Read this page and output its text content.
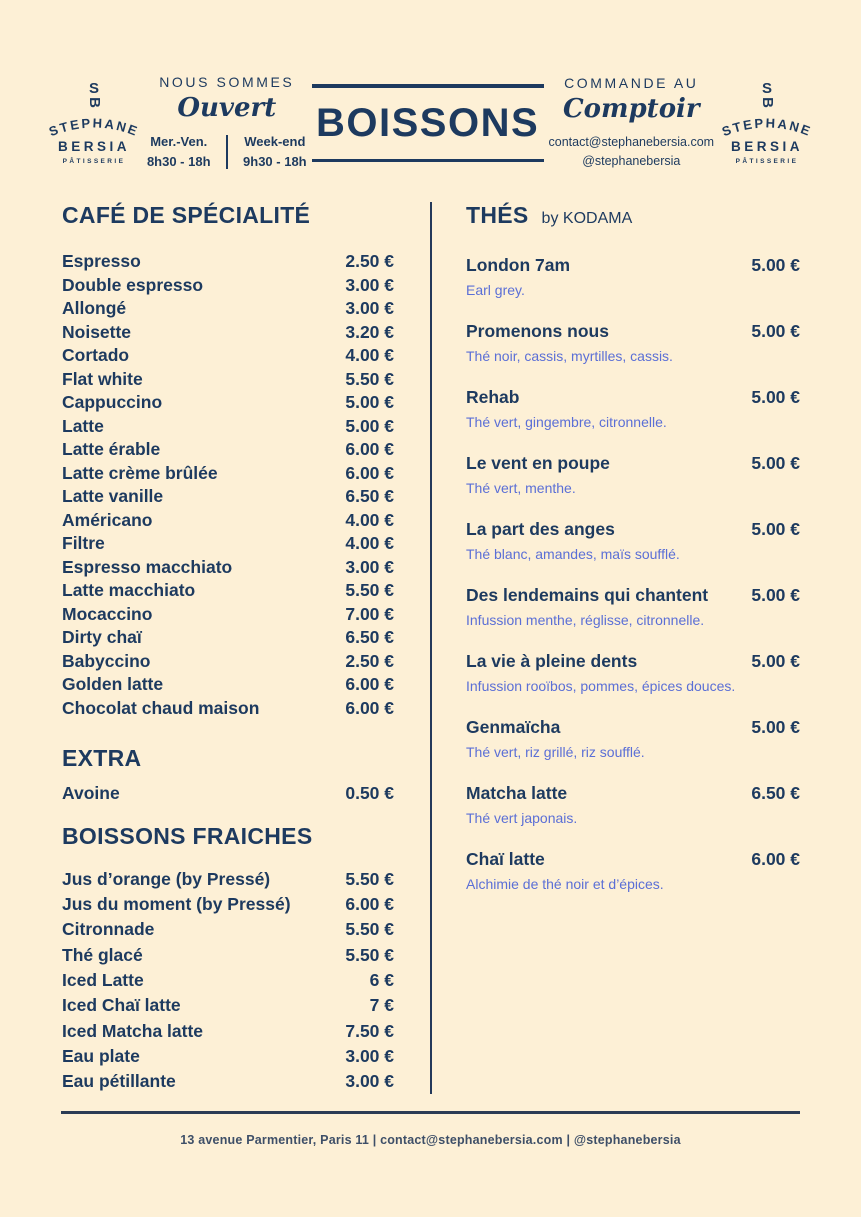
S
B
STEPHANE
BERSIA
PÂTISSERIE
NOUS SOMMES
Ouvert
Mer.-Ven.
8h30 - 18h
Week-end
9h30 - 18h
BOISSONS
COMMANDE AU
Comptoir
contact@stephanebersia.com
@stephanebersia
S
B
STEPHANE
BERSIA
PÂTISSERIE
CAFÉ DE SPÉCIALITÉ
Espresso	2.50 €
Double espresso	3.00 €
Allongé	3.00 €
Noisette	3.20 €
Cortado	4.00 €
Flat white	5.50 €
Cappuccino	5.00 €
Latte	5.00 €
Latte érable	6.00 €
Latte crème brûlée	6.00 €
Latte vanille	6.50 €
Américano	4.00 €
Filtre	4.00 €
Espresso macchiato	3.00 €
Latte macchiato	5.50 €
Mocaccino	7.00 €
Dirty chaï	6.50 €
Babyccino	2.50 €
Golden latte	6.00 €
Chocolat chaud maison	6.00 €
EXTRA
Avoine	0.50 €
BOISSONS FRAICHES
Jus d’orange (by Pressé)	5.50 €
Jus du moment (by Pressé)	6.00 €
Citronnade	5.50 €
Thé glacé	5.50 €
Iced Latte	6 €
Iced Chaï latte	7 €
Iced Matcha latte	7.50 €
Eau plate	3.00 €
Eau pétillante	3.00 €
THÉS by KODAMA
London 7am	5.00 €
Earl grey.
Promenons nous	5.00 €
Thé noir, cassis, myrtilles, cassis.
Rehab	5.00 €
Thé vert, gingembre, citronnelle.
Le vent en poupe	5.00 €
Thé vert, menthe.
La part des anges	5.00 €
Thé blanc, amandes, maïs soufflé.
Des lendemains qui chantent 5.00 €
Infussion menthe, réglisse, citronnelle.
La vie à pleine dents	5.00 €
Infussion rooïbos, pommes, épices douces.
Genmaïcha	5.00 €
Thé vert, riz grillé, riz soufflé.
Matcha latte	6.50 €
Thé vert japonais.
Chaï latte	6.00 €
Alchimie de thé noir et d’épices.
13 avenue Parmentier, Paris 11 | contact@stephanebersia.com | @stephanebersia
